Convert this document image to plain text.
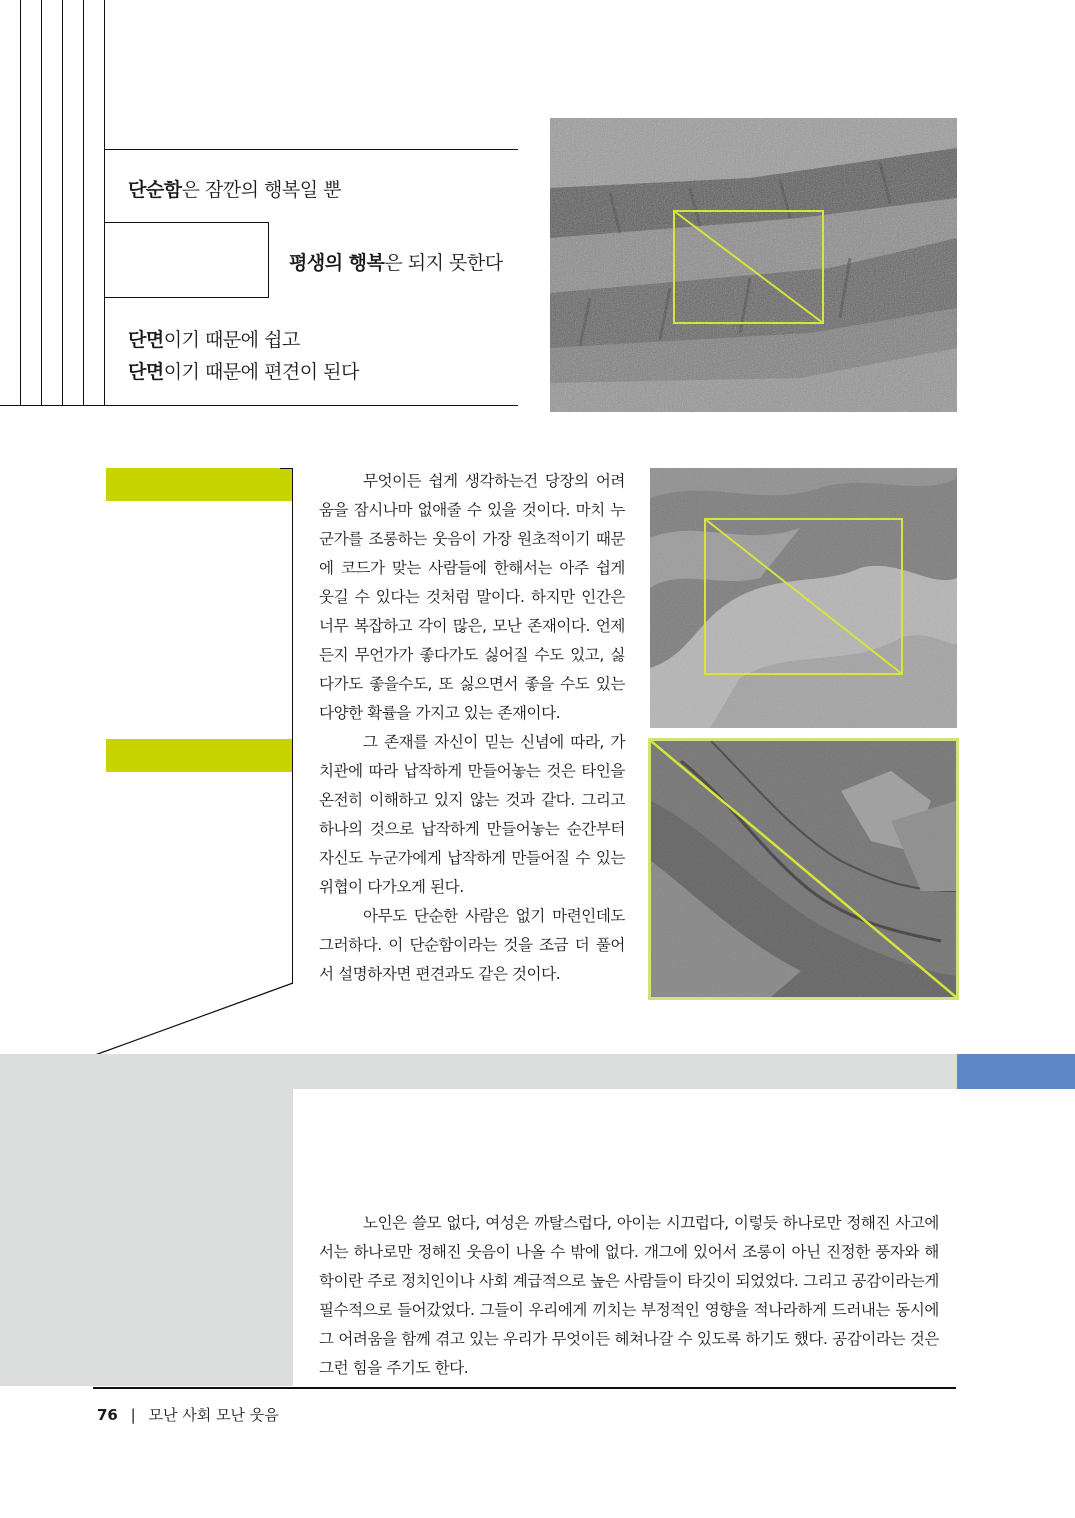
단순함은 잠깐의 행복일 뿐
평생의 행복은 되지 못한다
단면이기 때문에 쉽고
단면이기 때문에 편견이 된다

무엇이든 쉽게 생각하는건 당장의 어려움을 잠시나마 없애줄 수 있을 것이다. 마치 누군가를 조롱하는 웃음이 가장 원초적이기 때문에 코드가 맞는 사람들에 한해서는 아주 쉽게 웃길 수 있다는 것처럼 말이다. 하지만 인간은 너무 복잡하고 각이 많은, 모난 존재이다. 언제든지 무언가가 좋다가도 싫어질 수도 있고, 싫다가도 좋을수도, 또 싫으면서 좋을 수도 있는 다양한 확률을 가지고 있는 존재이다.

그 존재를 자신이 믿는 신념에 따라, 가치관에 따라 납작하게 만들어놓는 것은 타인을 온전히 이해하고 있지 않는 것과 같다. 그리고 하나의 것으로 납작하게 만들어놓는 순간부터 자신도 누군가에게 납작하게 만들어질 수 있는 위협이 다가오게 된다.

아무도 단순한 사람은 없기 마련인데도 그러하다. 이 단순함이라는 것을 조금 더 풀어서 설명하자면 편견과도 같은 것이다.

노인은 쓸모 없다, 여성은 까탈스럽다, 아이는 시끄럽다, 이렇듯 하나로만 정해진 사고에서는 하나로만 정해진 웃음이 나올 수 밖에 없다. 개그에 있어서 조롱이 아닌 진정한 풍자와 해학이란 주로 정치인이나 사회 계급적으로 높은 사람들이 타깃이 되었었다. 그리고 공감이라는게 필수적으로 들어갔었다. 그들이 우리에게 끼치는 부정적인 영향을 적나라하게 드러내는 동시에 그 어려움을 함께 겪고 있는 우리가 무엇이든 헤쳐나갈 수 있도록 하기도 했다. 공감이라는 것은 그런 힘을 주기도 한다.

76 | 모난 사회 모난 웃음
